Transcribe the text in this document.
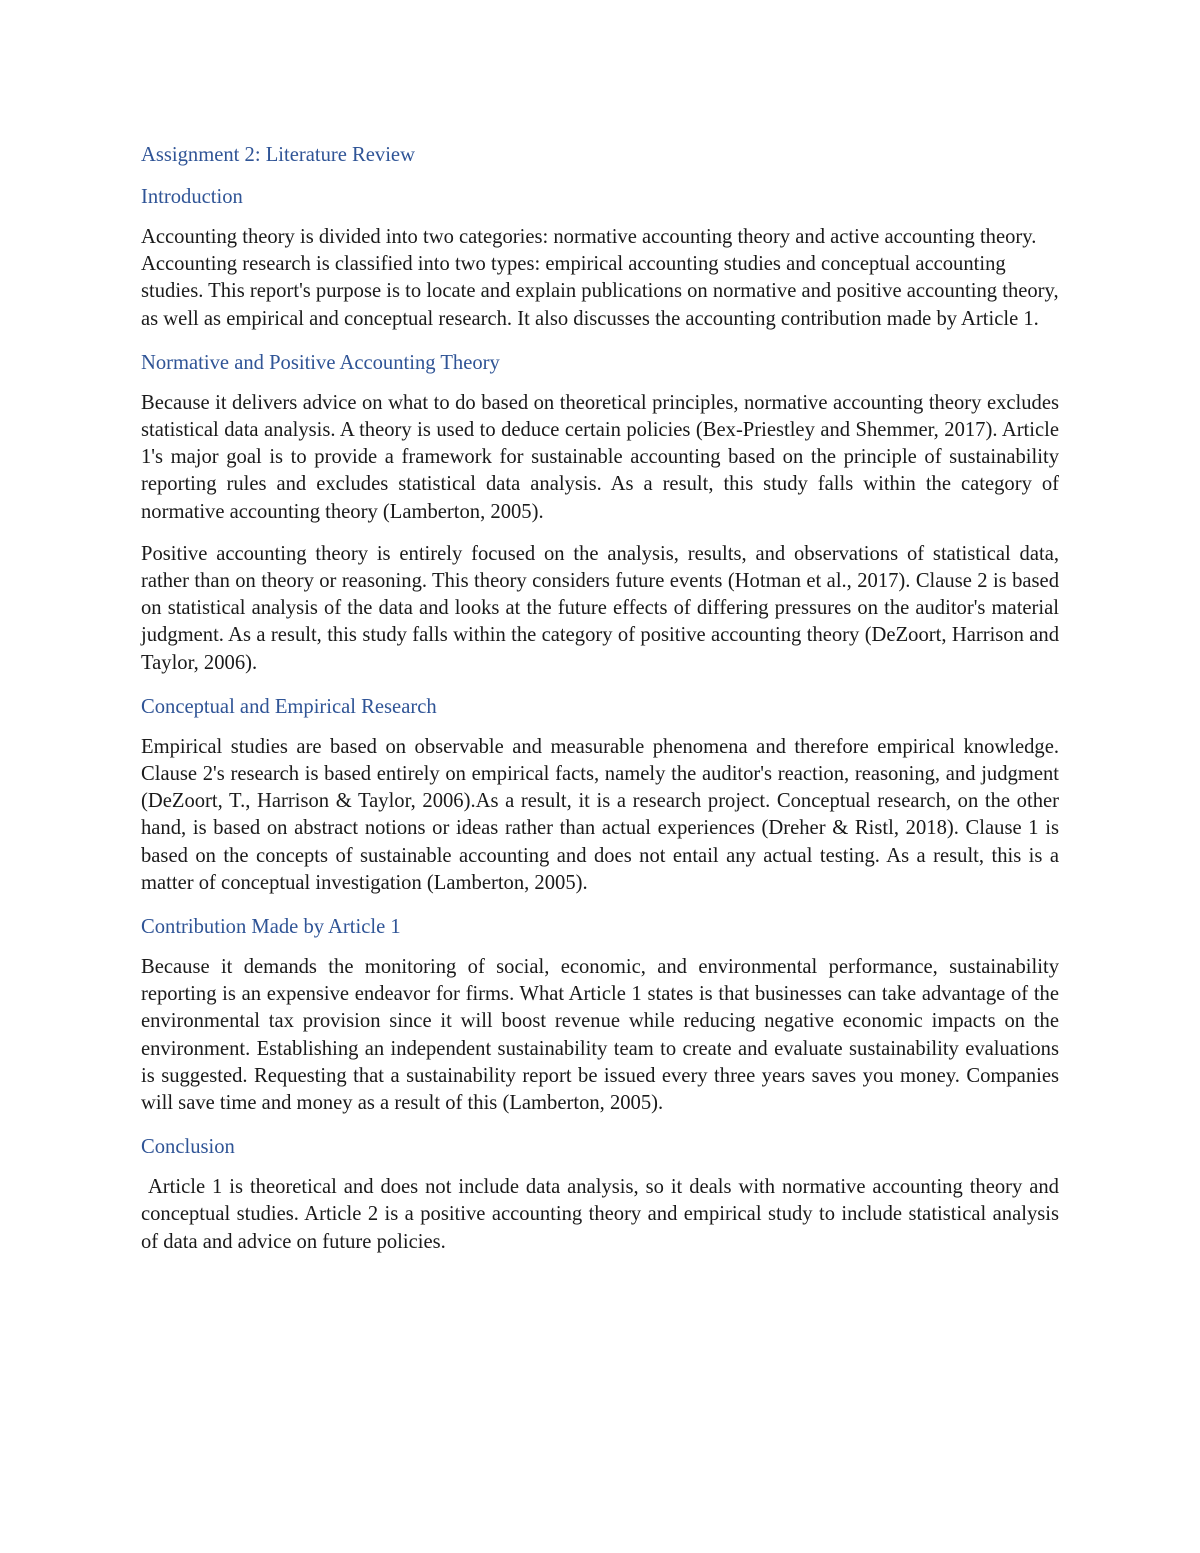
Assignment 2: Literature Review
Introduction

Accounting theory is divided into two categories: normative accounting theory and active accounting theory. Accounting research is classified into two types: empirical accounting studies and conceptual accounting studies. This report's purpose is to locate and explain publications on normative and positive accounting theory, as well as empirical and conceptual research. It also discusses the accounting contribution made by Article 1.

Normative and Positive Accounting Theory

Because it delivers advice on what to do based on theoretical principles, normative accounting theory excludes statistical data analysis. A theory is used to deduce certain policies (Bex-Priestley and Shemmer, 2017). Article 1's major goal is to provide a framework for sustainable accounting based on the principle of sustainability reporting rules and excludes statistical data analysis. As a result, this study falls within the category of normative accounting theory (Lamberton, 2005).

Positive accounting theory is entirely focused on the analysis, results, and observations of statistical data, rather than on theory or reasoning. This theory considers future events (Hotman et al., 2017). Clause 2 is based on statistical analysis of the data and looks at the future effects of differing pressures on the auditor's material judgment. As a result, this study falls within the category of positive accounting theory (DeZoort, Harrison and Taylor, 2006).

Conceptual and Empirical Research

Empirical studies are based on observable and measurable phenomena and therefore empirical knowledge. Clause 2's research is based entirely on empirical facts, namely the auditor's reaction, reasoning, and judgment (DeZoort, T., Harrison & Taylor, 2006).As a result, it is a research project. Conceptual research, on the other hand, is based on abstract notions or ideas rather than actual experiences (Dreher & Ristl, 2018). Clause 1 is based on the concepts of sustainable accounting and does not entail any actual testing. As a result, this is a matter of conceptual investigation (Lamberton, 2005).

Contribution Made by Article 1

Because it demands the monitoring of social, economic, and environmental performance, sustainability reporting is an expensive endeavor for firms. What Article 1 states is that businesses can take advantage of the environmental tax provision since it will boost revenue while reducing negative economic impacts on the environment. Establishing an independent sustainability team to create and evaluate sustainability evaluations is suggested. Requesting that a sustainability report be issued every three years saves you money. Companies will save time and money as a result of this (Lamberton, 2005).

Conclusion

Article 1 is theoretical and does not include data analysis, so it deals with normative accounting theory and conceptual studies. Article 2 is a positive accounting theory and empirical study to include statistical analysis of data and advice on future policies.
